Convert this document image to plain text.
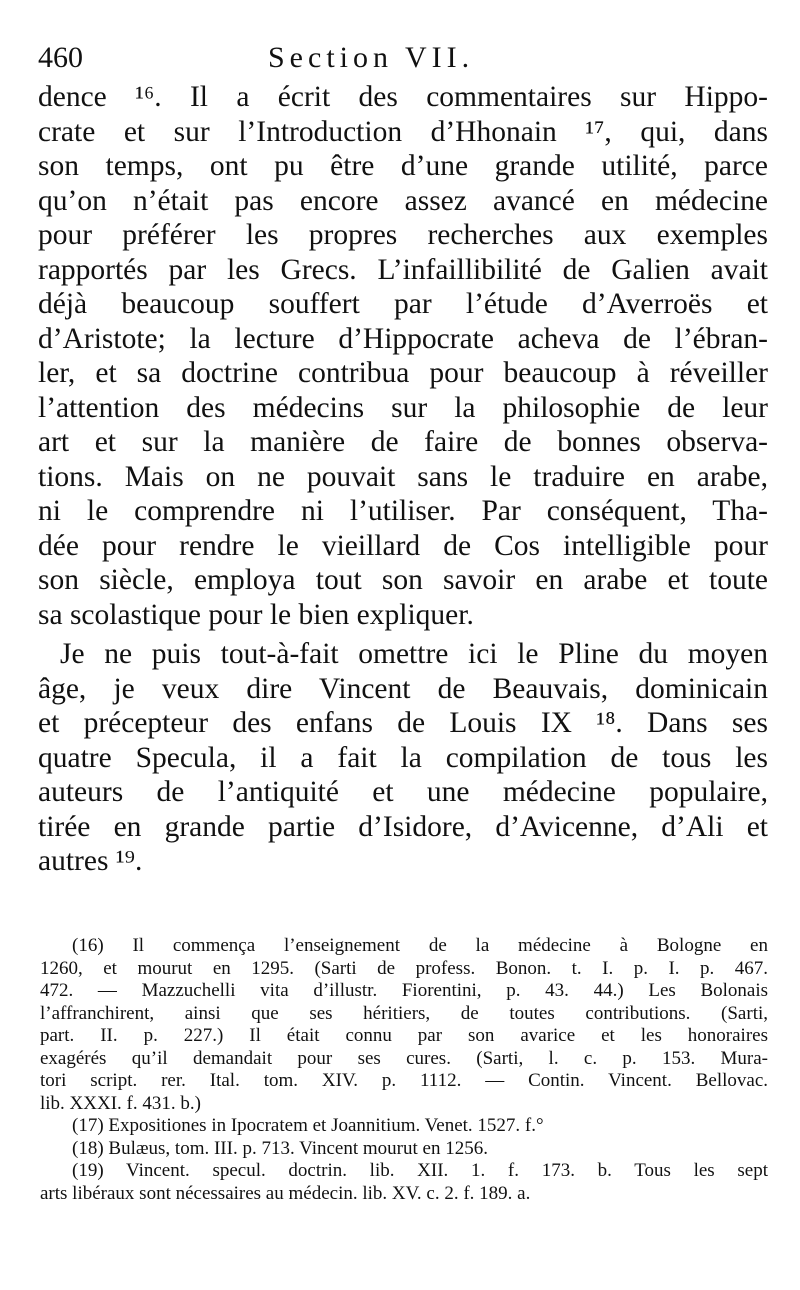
460	Section VII.
dence ¹⁶. Il a écrit des commentaires sur Hippo-
crate et sur l’Introduction d’Hhonain ¹⁷, qui, dans
son temps, ont pu être d’une grande utilité, parce
qu’on n’était pas encore assez avancé en médecine
pour préférer les propres recherches aux exemples
rapportés par les Grecs. L’infaillibilité de Galien avait
déjà beaucoup souffert par l’étude d’Averroës et
d’Aristote; la lecture d’Hippocrate acheva de l’ébran-
ler, et sa doctrine contribua pour beaucoup à réveiller
l’attention des médecins sur la philosophie de leur
art et sur la manière de faire de bonnes observa-
tions. Mais on ne pouvait sans le traduire en arabe,
ni le comprendre ni l’utiliser. Par conséquent, Tha-
dée pour rendre le vieillard de Cos intelligible pour
son siècle, employa tout son savoir en arabe et toute
sa scolastique pour le bien expliquer.
Je ne puis tout-à-fait omettre ici le Pline du moyen
âge, je veux dire Vincent de Beauvais, dominicain
et précepteur des enfans de Louis IX ¹⁸. Dans ses
quatre Specula, il a fait la compilation de tous les
auteurs de l’antiquité et une médecine populaire,
tirée en grande partie d’Isidore, d’Avicenne, d’Ali et
autres ¹⁹.
(16) Il commença l’enseignement de la médecine à Bologne en
1260, et mourut en 1295. (Sarti de profess. Bonon. t. I. p. I. p. 467.
472. — Mazzuchelli vita d’illustr. Fiorentini, p. 43. 44.) Les Bolonais
l’affranchirent, ainsi que ses héritiers, de toutes contributions. (Sarti,
part. II. p. 227.) Il était connu par son avarice et les honoraires
exagérés qu’il demandait pour ses cures. (Sarti, l. c. p. 153. Mura-
tori script. rer. Ital. tom. XIV. p. 1112. — Contin. Vincent. Bellovac.
lib. XXXI. f. 431. b.)
(17) Expositiones in Ipocratem et Joannitium. Venet. 1527. f.°
(18) Bulæus, tom. III. p. 713. Vincent mourut en 1256.
(19) Vincent. specul. doctrin. lib. XII. 1. f. 173. b. Tous les sept
arts libéraux sont nécessaires au médecin. lib. XV. c. 2. f. 189. a.
